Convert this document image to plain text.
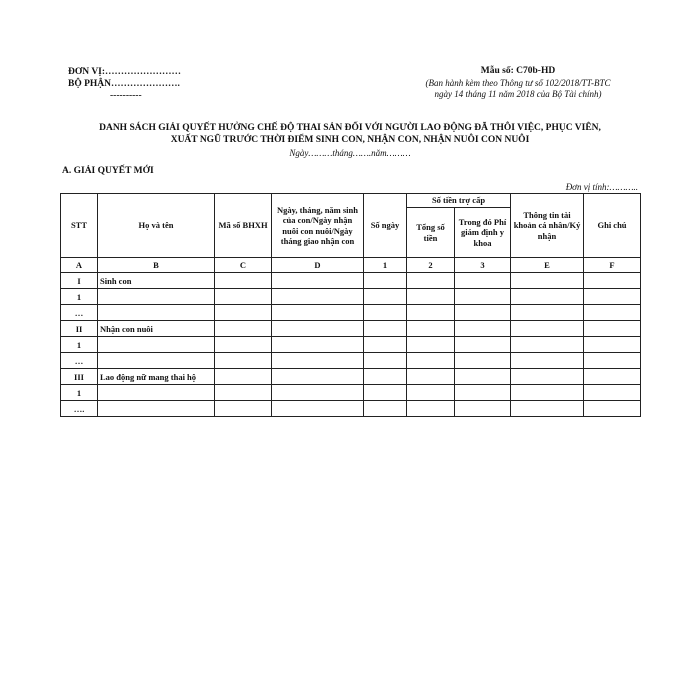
ĐƠN VỊ:……………………
BỘ PHẬN………………….
----------
Mẫu số: C70b-HD
(Ban hành kèm theo Thông tư số 102/2018/TT-BTC
ngày 14 tháng 11 năm 2018 của Bộ Tài chính)
DANH SÁCH GIẢI QUYẾT HƯỞNG CHẾ ĐỘ THAI SẢN ĐỐI VỚI NGƯỜI LAO ĐỘNG ĐÃ THÔI VIỆC, PHỤC VIÊN,
XUẤT NGŨ TRƯỚC THỜI ĐIỂM SINH CON, NHẬN CON, NHẬN NUÔI CON NUÔI
Ngày………tháng…….năm………
A. GIẢI QUYẾT MỚI
Đơn vị tính:………..
STT	Họ và tên	Mã số BHXH	Ngày, tháng, năm sinh của con/Ngày nhận nuôi con nuôi/Ngày tháng giao nhận con	Số ngày	Số tiền trợ cấp		Thông tin tài khoản cá nhân/Ký nhận	Ghi chú
					Tổng số tiền	Trong đó Phí giám định y khoa		
A	B	C	D	1	2	3	E	F
I	Sinh con							
1								
…								
II	Nhận con nuôi							
1								
…								
III	Lao động nữ mang thai hộ							
1								
….								
